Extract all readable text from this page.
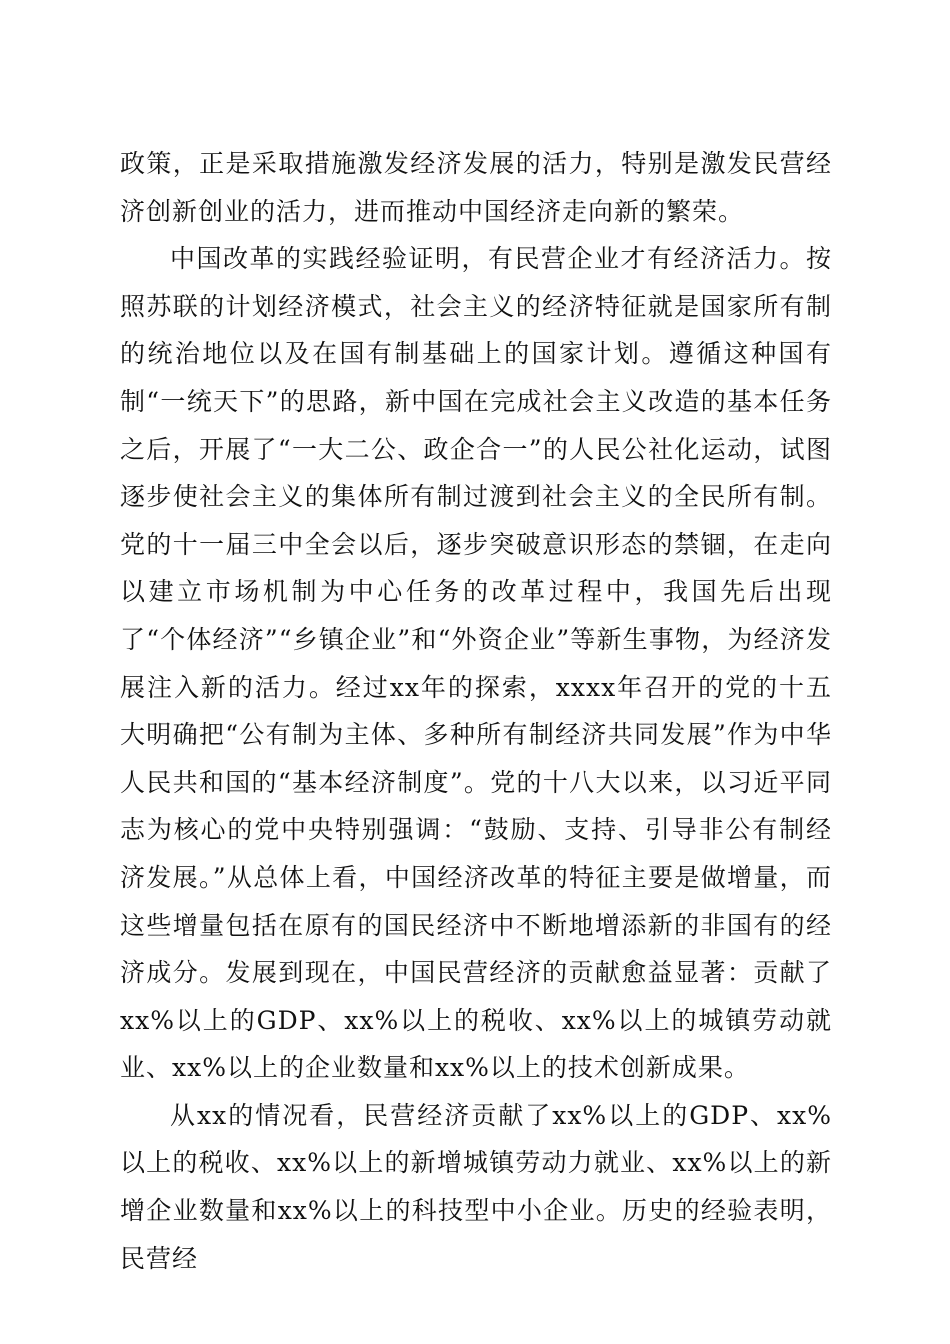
政策，正是采取措施激发经济发展的活力，特别是激发民营经济创新创业的活力，进而推动中国经济走向新的繁荣。

中国改革的实践经验证明，有民营企业才有经济活力。按照苏联的计划经济模式，社会主义的经济特征就是国家所有制的统治地位以及在国有制基础上的国家计划。遵循这种国有制“一统天下”的思路，新中国在完成社会主义改造的基本任务之后，开展了“一大二公、政企合一”的人民公社化运动，试图逐步使社会主义的集体所有制过渡到社会主义的全民所有制。党的十一届三中全会以后，逐步突破意识形态的禁锢，在走向以建立市场机制为中心任务的改革过程中，我国先后出现了“个体经济”“乡镇企业”和“外资企业”等新生事物，为经济发展注入新的活力。经过xx年的探索，xxxx年召开的党的十五大明确把“公有制为主体、多种所有制经济共同发展”作为中华人民共和国的“基本经济制度”。党的十八大以来，以习近平同志为核心的党中央特别强调：“鼓励、支持、引导非公有制经济发展。”从总体上看，中国经济改革的特征主要是做增量，而这些增量包括在原有的国民经济中不断地增添新的非国有的经济成分。发展到现在，中国民营经济的贡献愈益显著：贡献了xx%以上的GDP、xx%以上的税收、xx%以上的城镇劳动就业、xx%以上的企业数量和xx%以上的技术创新成果。

从xx的情况看，民营经济贡献了xx%以上的GDP、xx%以上的税收、xx%以上的新增城镇劳动力就业、xx%以上的新增企业数量和xx%以上的科技型中小企业。历史的经验表明，民营经
